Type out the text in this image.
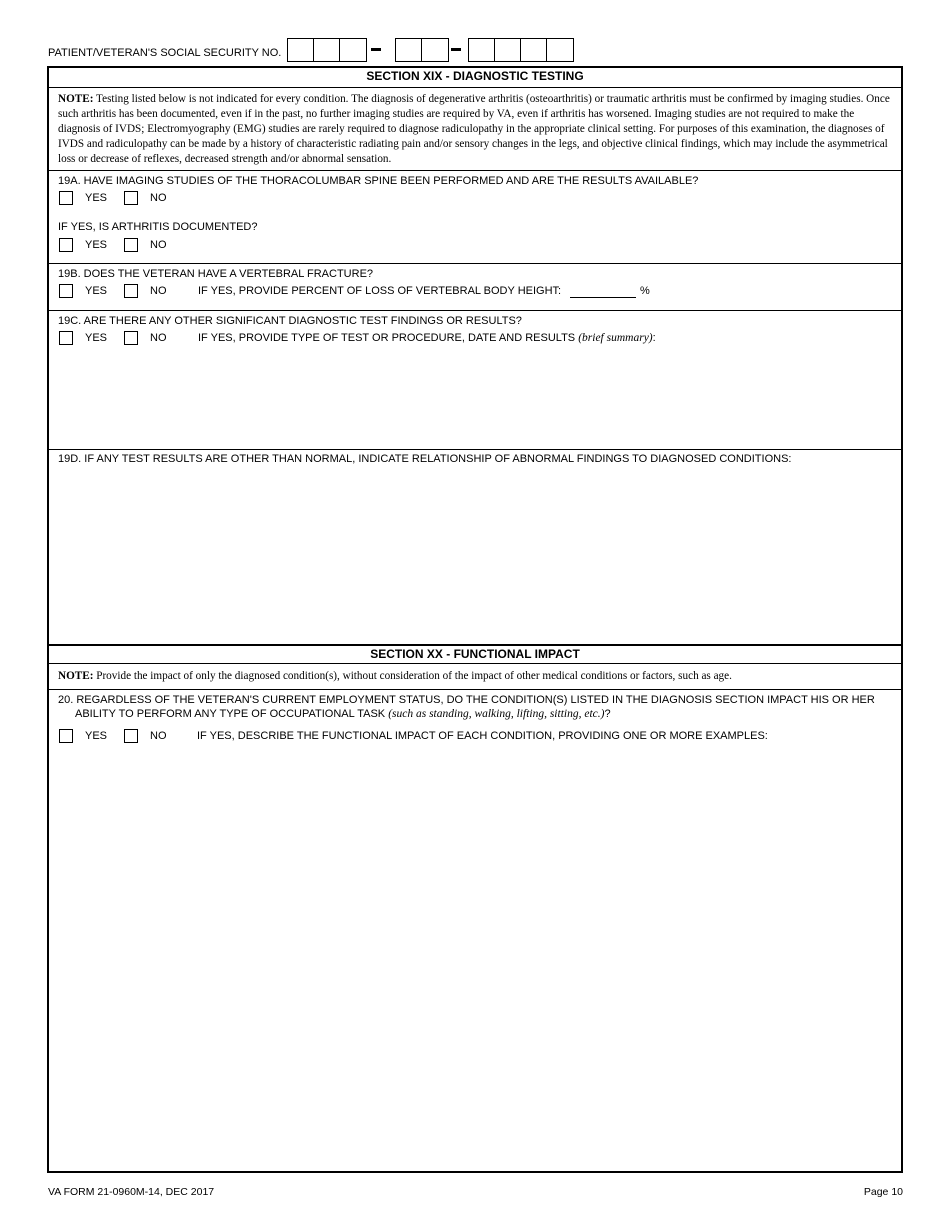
PATIENT/VETERAN'S SOCIAL SECURITY NO.
SECTION XIX - DIAGNOSTIC TESTING
NOTE: Testing listed below is not indicated for every condition. The diagnosis of degenerative arthritis (osteoarthritis) or traumatic arthritis must be confirmed by imaging studies. Once such arthritis has been documented, even if in the past, no further imaging studies are required by VA, even if arthritis has worsened. Imaging studies are not required to make the diagnosis of IVDS; Electromyography (EMG) studies are rarely required to diagnose radiculopathy in the appropriate clinical setting. For purposes of this examination, the diagnoses of IVDS and radiculopathy can be made by a history of characteristic radiating pain and/or sensory changes in the legs, and objective clinical findings, which may include the asymmetrical loss or decrease of reflexes, decreased strength and/or abnormal sensation.
19A. HAVE IMAGING STUDIES OF THE THORACOLUMBAR SPINE BEEN PERFORMED AND ARE THE RESULTS AVAILABLE?
YES	NO
IF YES, IS ARTHRITIS DOCUMENTED?
YES	NO
19B. DOES THE VETERAN HAVE A VERTEBRAL FRACTURE?
YES	NO	IF YES, PROVIDE PERCENT OF LOSS OF VERTEBRAL BODY HEIGHT:	%
19C. ARE THERE ANY OTHER SIGNIFICANT DIAGNOSTIC TEST FINDINGS OR RESULTS?
YES	NO	IF YES, PROVIDE TYPE OF TEST OR PROCEDURE, DATE AND RESULTS (brief summary):
19D. IF ANY TEST RESULTS ARE OTHER THAN NORMAL, INDICATE RELATIONSHIP OF ABNORMAL FINDINGS TO DIAGNOSED CONDITIONS:
SECTION XX - FUNCTIONAL IMPACT
NOTE: Provide the impact of only the diagnosed condition(s), without consideration of the impact of other medical conditions or factors, such as age.
20. REGARDLESS OF THE VETERAN'S CURRENT EMPLOYMENT STATUS, DO THE CONDITION(S) LISTED IN THE DIAGNOSIS SECTION IMPACT HIS OR HER
ABILITY TO PERFORM ANY TYPE OF OCCUPATIONAL TASK (such as standing, walking, lifting, sitting, etc.)?
YES	NO	IF YES, DESCRIBE THE FUNCTIONAL IMPACT OF EACH CONDITION, PROVIDING ONE OR MORE EXAMPLES:
VA FORM 21-0960M-14, DEC 2017	Page 10
